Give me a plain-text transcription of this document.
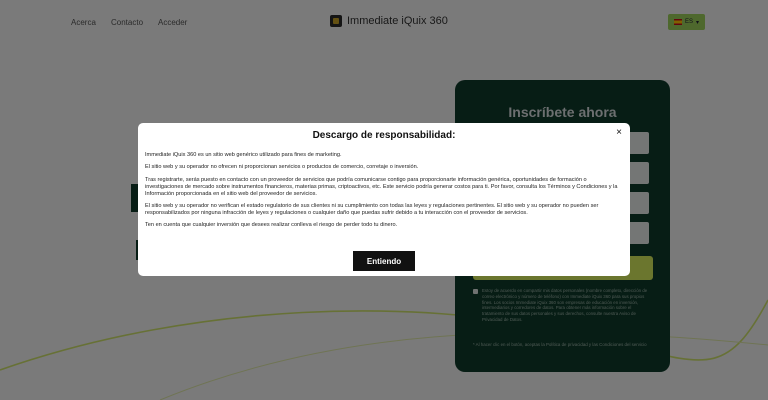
Descargo de responsabilidad:	×

Immediate iQuix 360 es un sitio web genérico utilizado para fines de marketing.

El sitio web y su operador no ofrecen ni proporcionan servicios o productos de comercio, corretaje o inversión.

Tras registrarte, serás puesto en contacto con un proveedor de servicios que podría comunicarse contigo para proporcionarte información genérica, oportunidades de formación o investigaciones de mercado sobre instrumentos financieros, materias primas, criptoactivos, etc. Este servicio podría generar costos para ti. Por favor, consulta los Términos y Condiciones y la Información proporcionada en el sitio web del proveedor de servicios.

El sitio web y su operador no verifican el estado regulatorio de sus clientes ni su cumplimiento con todas las leyes y regulaciones pertinentes. El sitio web y su operador no pueden ser responsabilizados por ninguna infracción de leyes y regulaciones o cualquier daño que puedas sufrir debido a tu interacción con el proveedor de servicios.

Ten en cuenta que cualquier inversión que desees realizar conlleva el riesgo de perder todo tu dinero.

Entiendo
